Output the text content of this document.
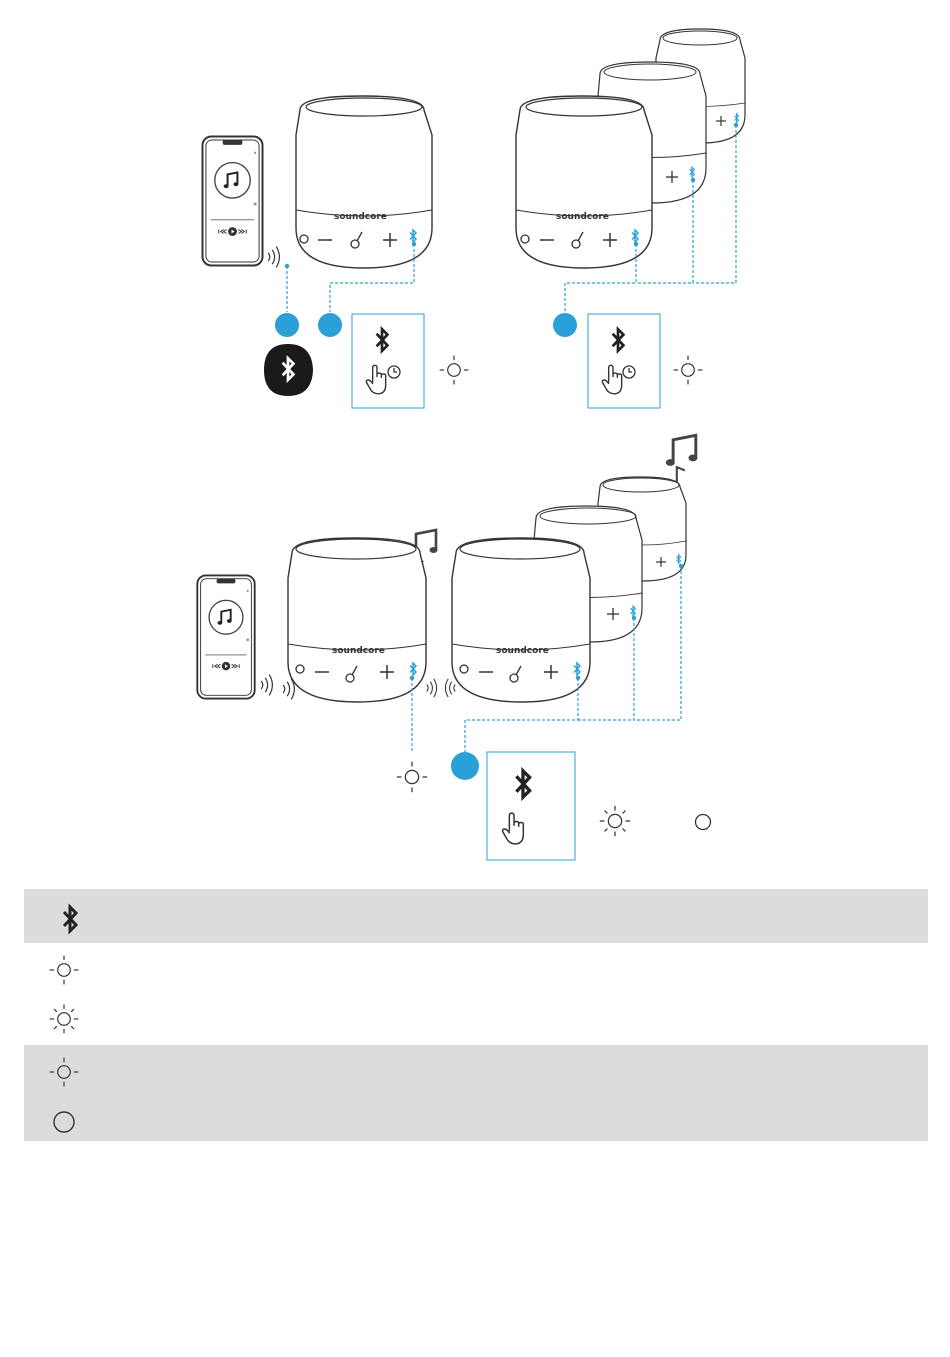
soundcore	soundcore
soundcore	soundcore
